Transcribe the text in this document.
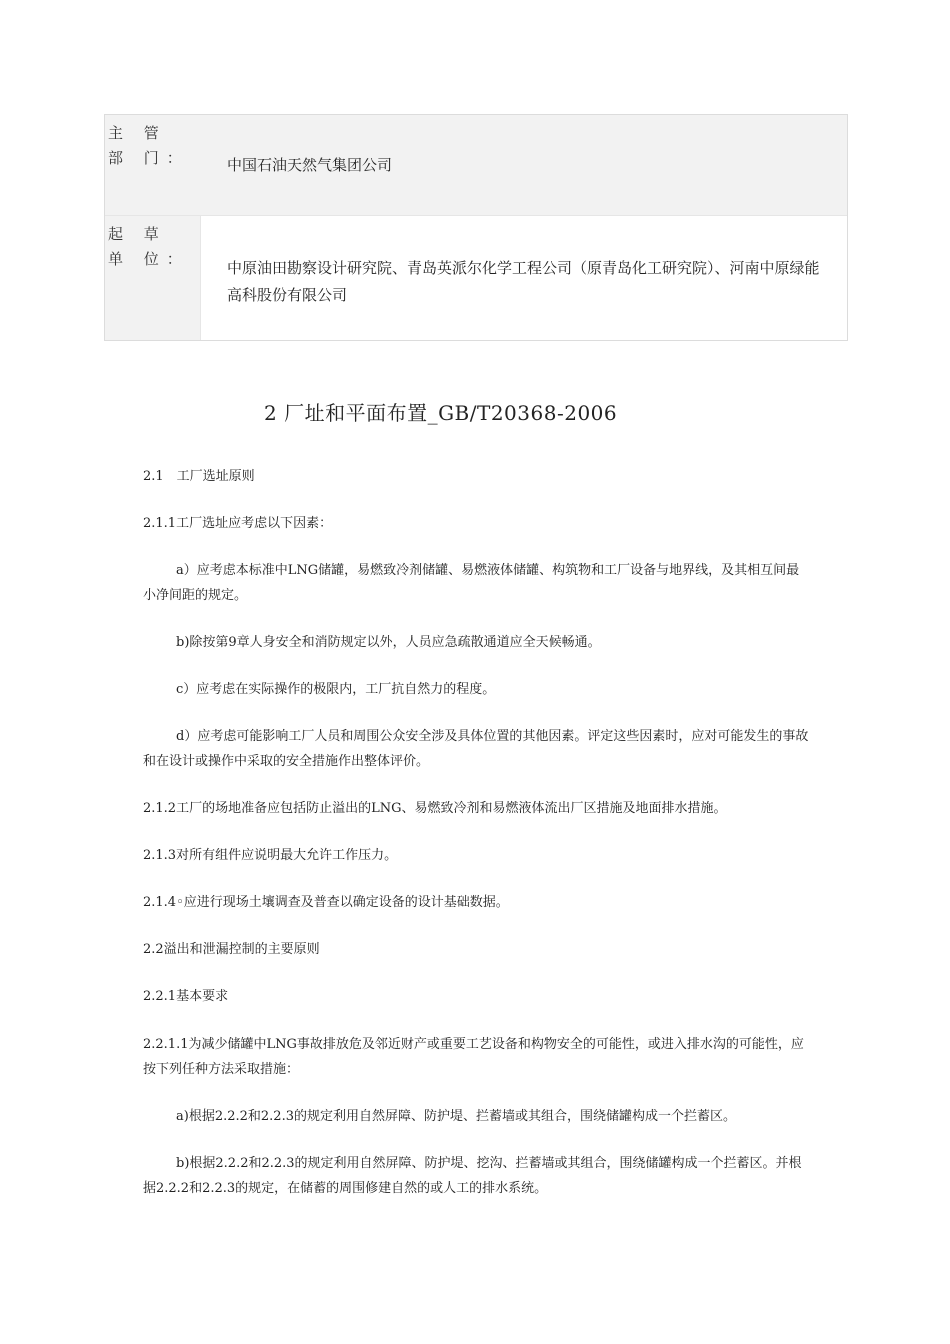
主 管 部 门：	中国石油天然气集团公司
起 草 单 位：	中原油田勘察设计研究院、青岛英派尔化学工程公司（原青岛化工研究院）、河南中原绿能高科股份有限公司
2 厂址和平面布置_GB/T20368-2006

2.1　工厂选址原则

2.1.1工厂选址应考虑以下因素：

a）应考虑本标准中LNG储罐，易燃致冷剂储罐、易燃液体储罐、构筑物和工厂设备与地界线，及其相互间最小净间距的规定。

b)除按第9章人身安全和消防规定以外，人员应急疏散通道应全天候畅通。

c）应考虑在实际操作的极限内，工厂抗自然力的程度。

d）应考虑可能影响工厂人员和周围公众安全涉及具体位置的其他因素。评定这些因素时，应对可能发生的事故和在设计或操作中采取的安全措施作出整体评价。

2.1.2工厂的场地准备应包括防止溢出的LNG、易燃致冷剂和易燃液体流出厂区措施及地面排水措施。

2.1.3对所有组件应说明最大允许工作压力。

2.1.4◦应进行现场土壤调查及普查以确定设备的设计基础数据。

2.2溢出和泄漏控制的主要原则

2.2.1基本要求

2.2.1.1为减少储罐中LNG事故排放危及邻近财产或重要工艺设备和构物安全的可能性，或进入排水沟的可能性，应按下列任种方法采取措施：

a)根据2.2.2和2.2.3的规定利用自然屏障、防护堤、拦蓄墙或其组合，围绕储罐构成一个拦蓄区。

b)根据2.2.2和2.2.3的规定利用自然屏障、防护堤、挖沟、拦蓄墙或其组合，围绕储罐构成一个拦蓄区。并根据2.2.2和2.2.3的规定，在储蓄的周围修建自然的或人工的排水系统。
